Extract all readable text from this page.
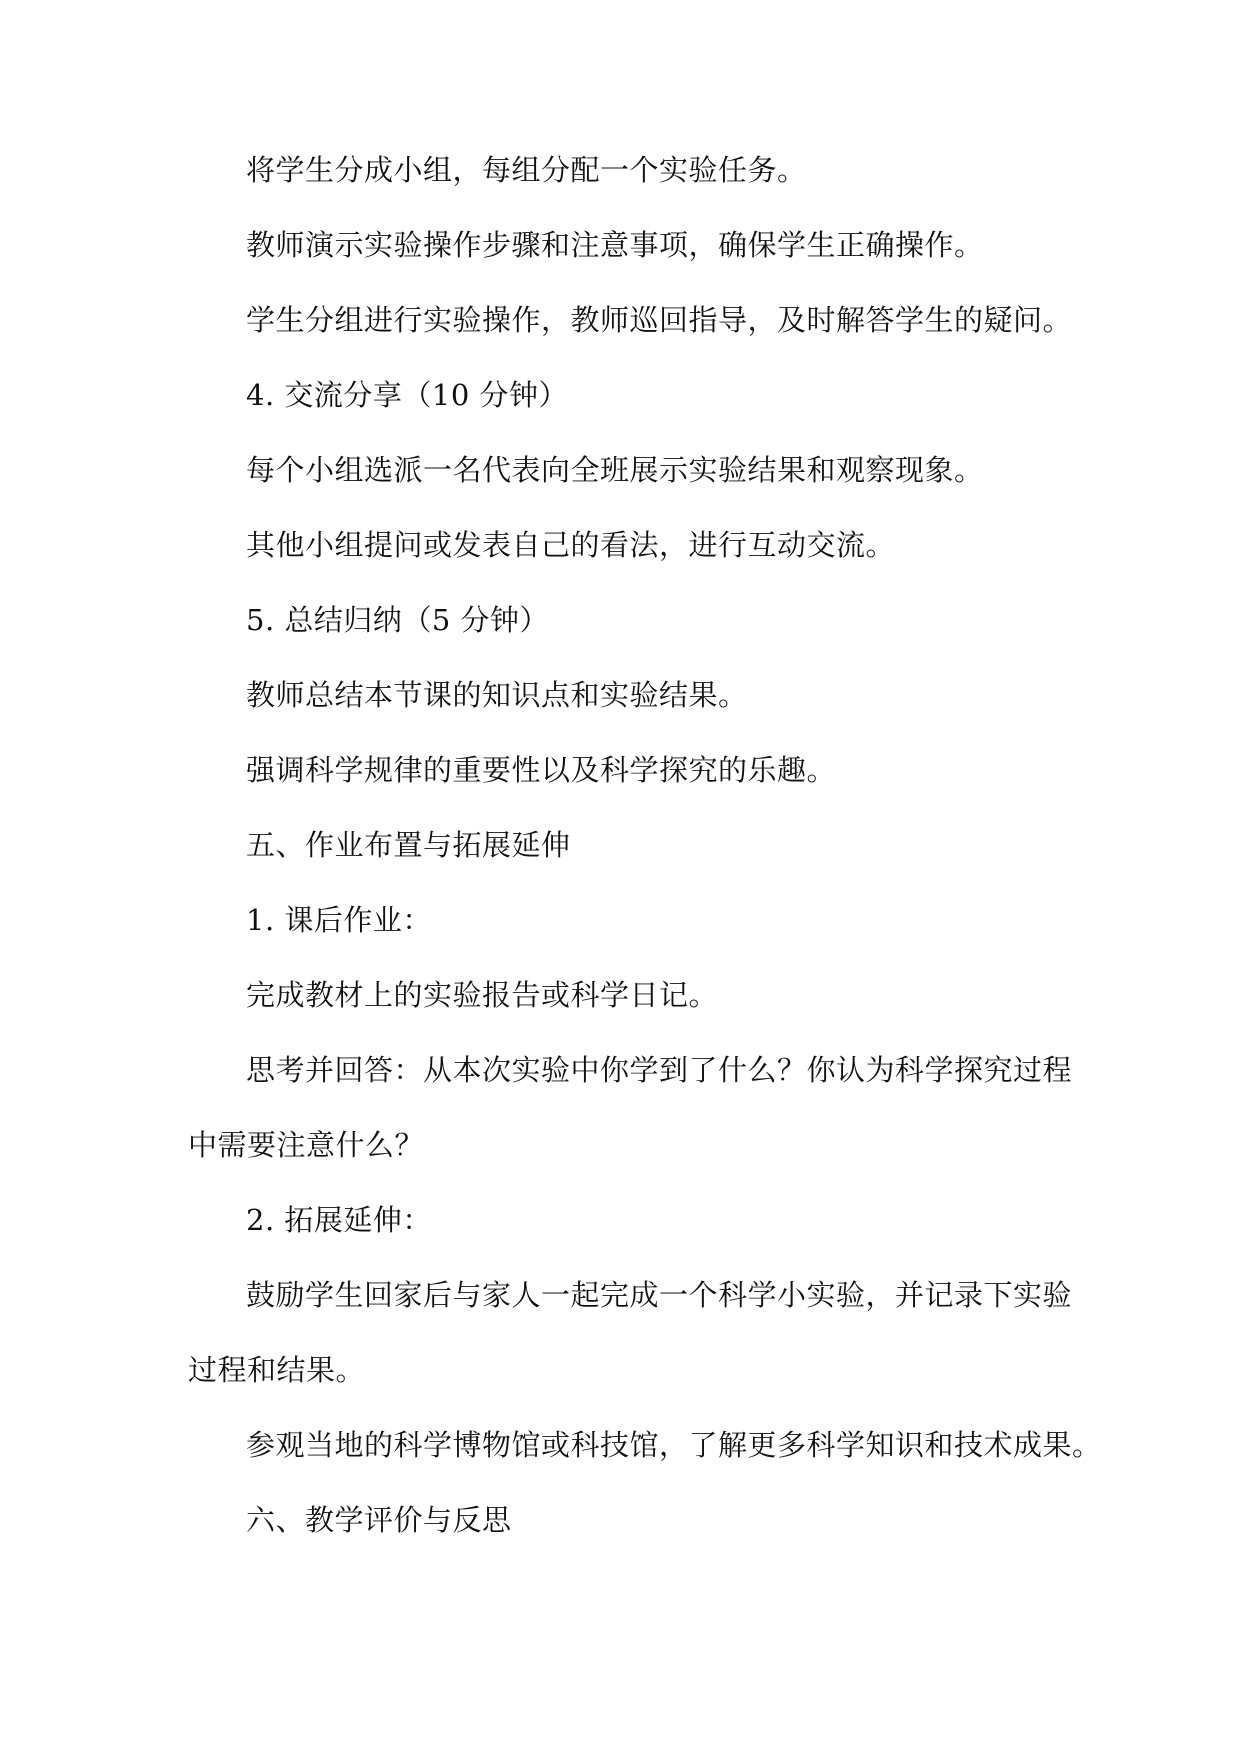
将学生分成小组，每组分配一个实验任务。
教师演示实验操作步骤和注意事项，确保学生正确操作。
学生分组进行实验操作，教师巡回指导，及时解答学生的疑问。
4. 交流分享（10 分钟）
每个小组选派一名代表向全班展示实验结果和观察现象。
其他小组提问或发表自己的看法，进行互动交流。
5. 总结归纳（5 分钟）
教师总结本节课的知识点和实验结果。
强调科学规律的重要性以及科学探究的乐趣。
五、作业布置与拓展延伸
1. 课后作业：
完成教材上的实验报告或科学日记。
思考并回答：从本次实验中你学到了什么？你认为科学探究过程
中需要注意什么？
2. 拓展延伸：
鼓励学生回家后与家人一起完成一个科学小实验，并记录下实验
过程和结果。
参观当地的科学博物馆或科技馆，了解更多科学知识和技术成果。
六、教学评价与反思
